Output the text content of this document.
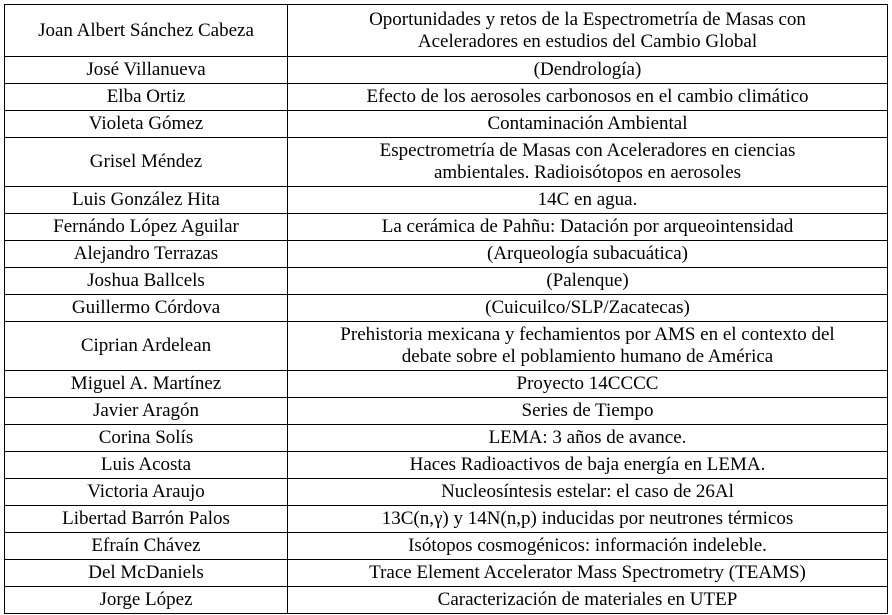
Joan Albert Sánchez Cabeza	Oportunidades y retos de la Espectrometría de Masas con
Aceleradores en estudios del Cambio Global

José Villanueva	(Dendrología)

Elba Ortiz	Efecto de los aerosoles carbonosos en el cambio climático

Violeta Gómez	Contaminación Ambiental

Grisel Méndez	Espectrometría de Masas con Aceleradores en ciencias
ambientales. Radioisótopos en aerosoles

Luis González Hita	14C en agua.

Fernándo López Aguilar	La cerámica de Pahñu: Datación por arqueointensidad

Alejandro Terrazas	(Arqueología subacuática)

Joshua Ballcels	(Palenque)

Guillermo Córdova	(Cuicuilco/SLP/Zacatecas)

Ciprian Ardelean	Prehistoria mexicana y fechamientos por AMS en el contexto del
debate sobre el poblamiento humano de América

Miguel A. Martínez	Proyecto 14CCCC

Javier Aragón	Series de Tiempo

Corina Solís	LEMA: 3 años de avance.

Luis Acosta	Haces Radioactivos de baja energía en LEMA.

Victoria Araujo	Nucleosíntesis estelar: el caso de 26Al

Libertad Barrón Palos	13C(n,γ) y 14N(n,p) inducidas por neutrones térmicos

Efraín Chávez	Isótopos cosmogénicos: información indeleble.

Del McDaniels	Trace Element Accelerator Mass Spectrometry (TEAMS)

Jorge López	Caracterización de materiales en UTEP
